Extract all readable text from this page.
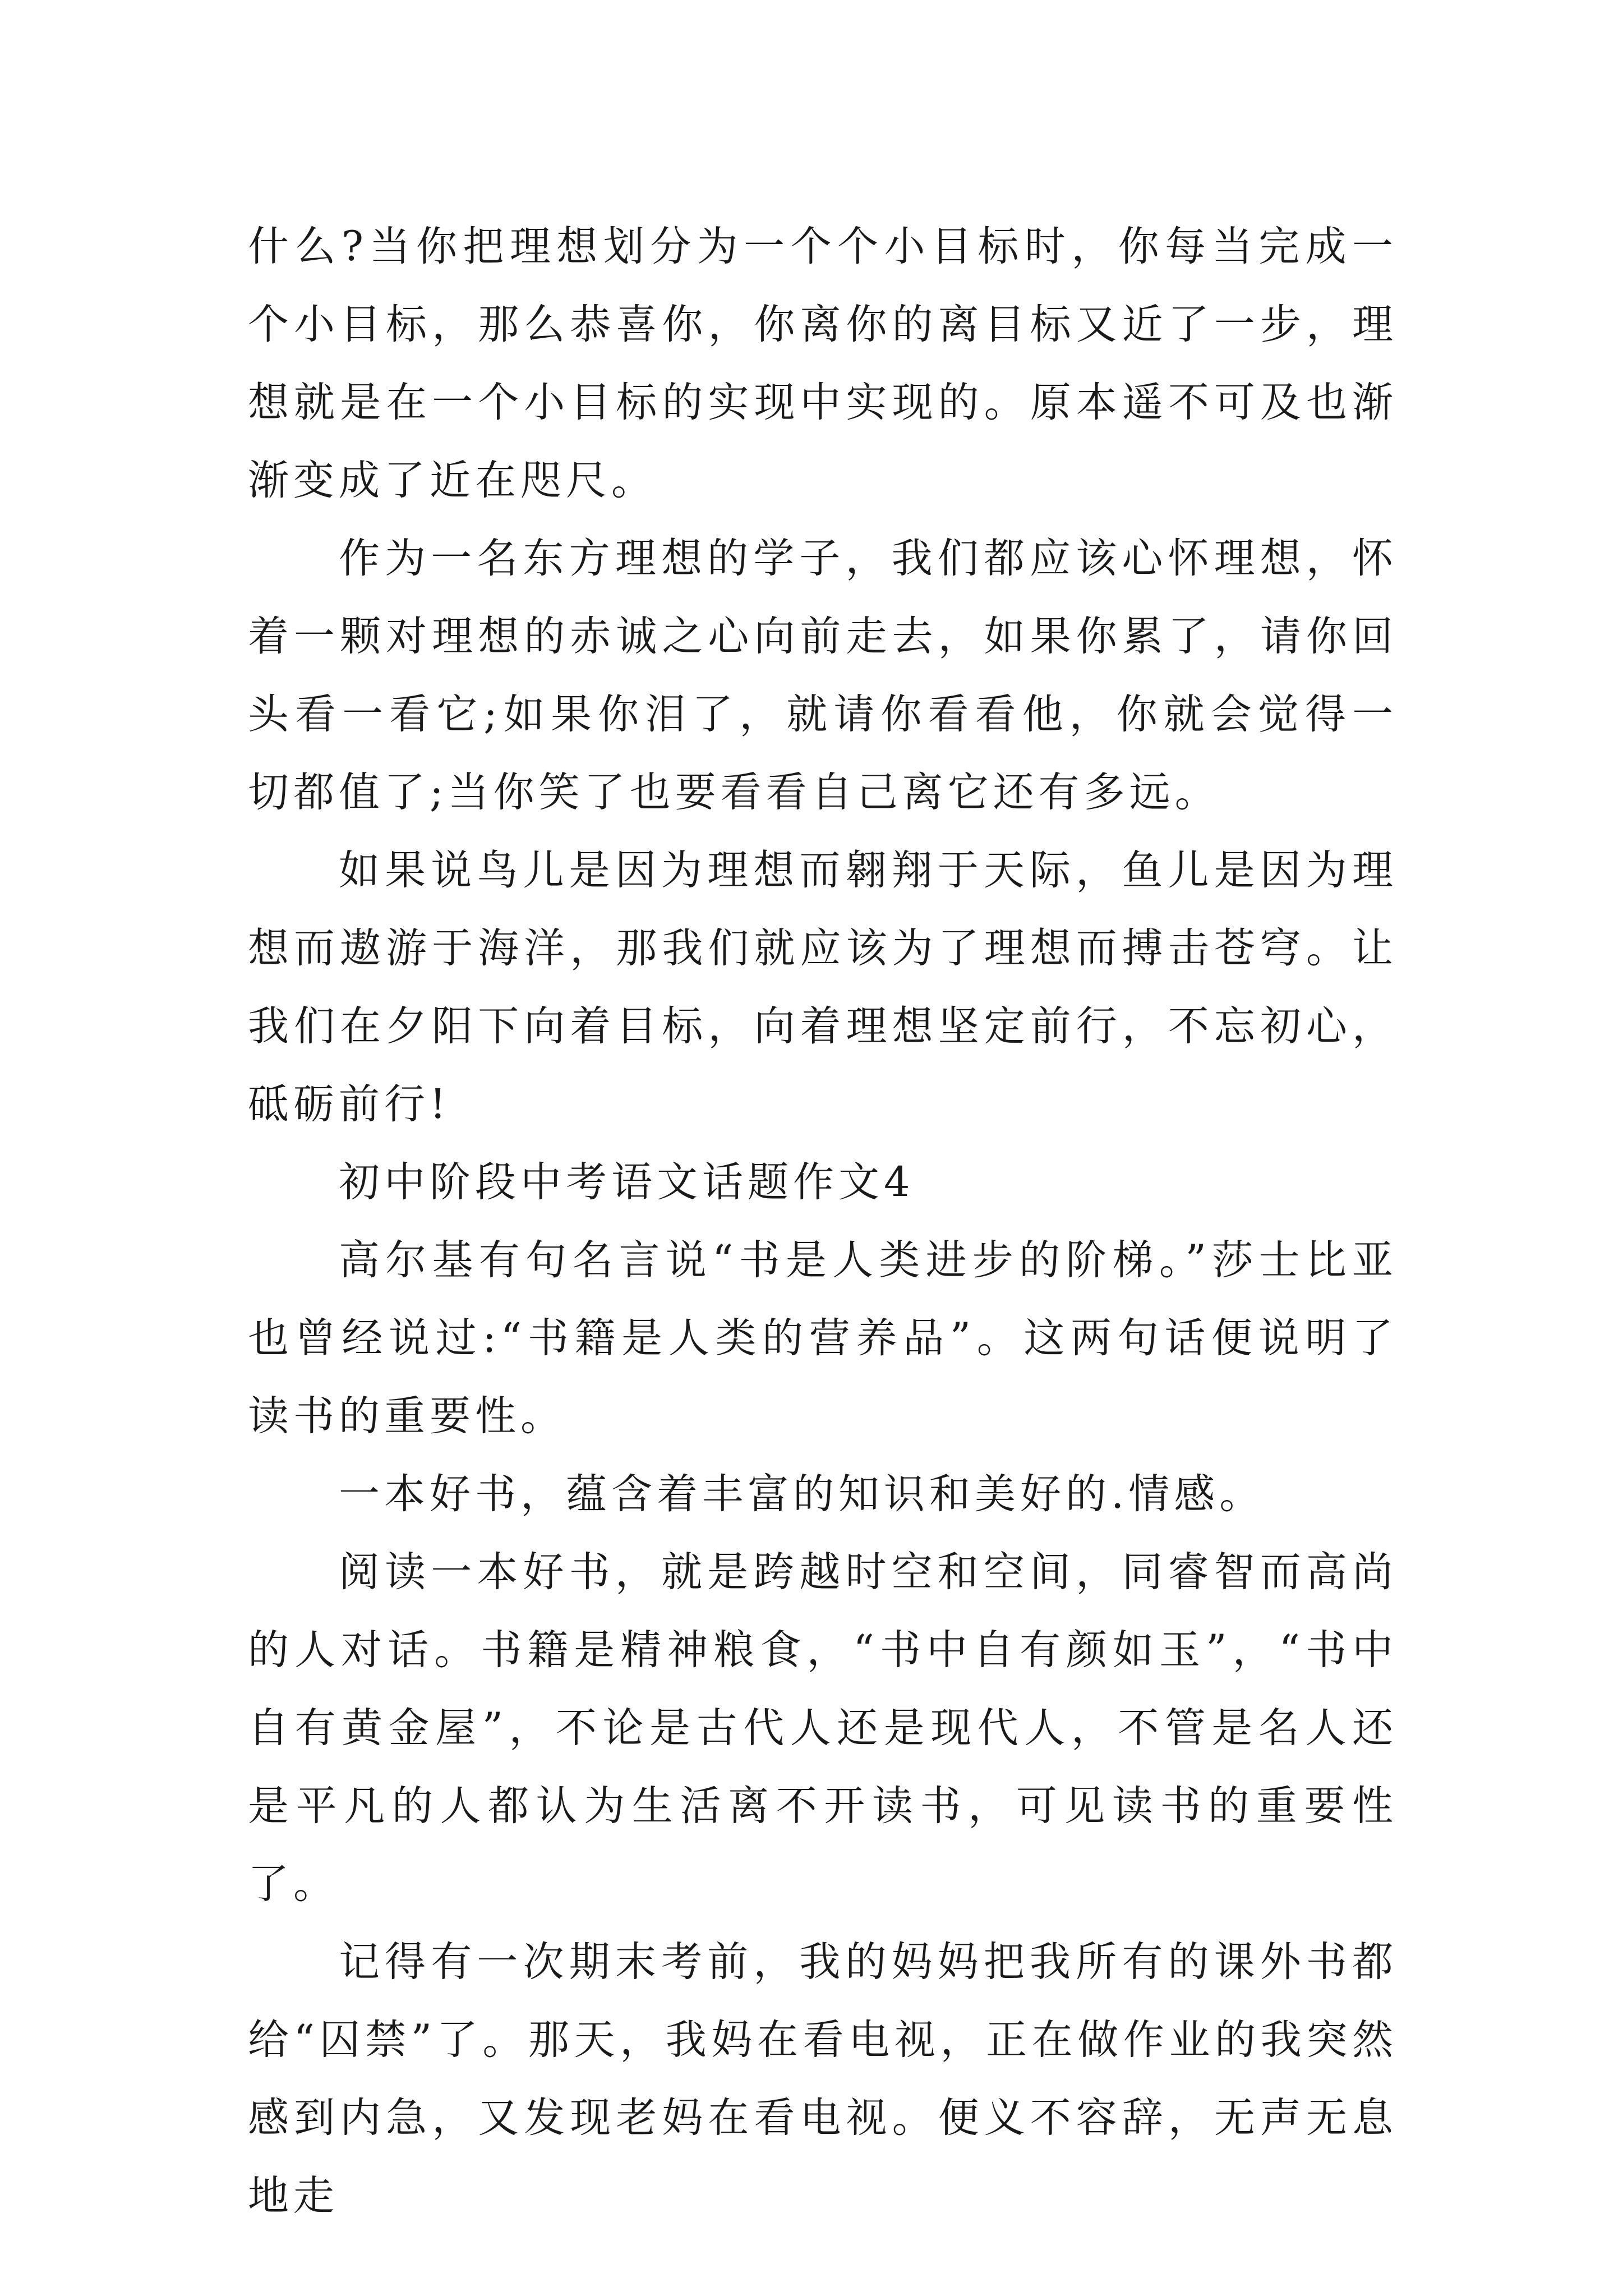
什么?当你把理想划分为一个个小目标时，你每当完成一个小目标，那么恭喜你，你离你的离目标又近了一步，理想就是在一个小目标的实现中实现的。原本遥不可及也渐渐变成了近在咫尺。

作为一名东方理想的学子，我们都应该心怀理想，怀着一颗对理想的赤诚之心向前走去，如果你累了，请你回头看一看它;如果你泪了，就请你看看他，你就会觉得一切都值了;当你笑了也要看看自己离它还有多远。

如果说鸟儿是因为理想而翱翔于天际，鱼儿是因为理想而遨游于海洋，那我们就应该为了理想而搏击苍穹。让我们在夕阳下向着目标，向着理想坚定前行，不忘初心，砥砺前行!

初中阶段中考语文话题作文4

高尔基有句名言说“书是人类进步的阶梯。”莎士比亚也曾经说过:“书籍是人类的营养品”。这两句话便说明了读书的重要性。

一本好书，蕴含着丰富的知识和美好的.情感。

阅读一本好书，就是跨越时空和空间，同睿智而高尚的人对话。书籍是精神粮食，“书中自有颜如玉”，“书中自有黄金屋”，不论是古代人还是现代人，不管是名人还是平凡的人都认为生活离不开读书，可见读书的重要性了。

记得有一次期末考前，我的妈妈把我所有的课外书都给“囚禁”了。那天，我妈在看电视，正在做作业的我突然感到内急，又发现老妈在看电视。便义不容辞，无声无息地走
